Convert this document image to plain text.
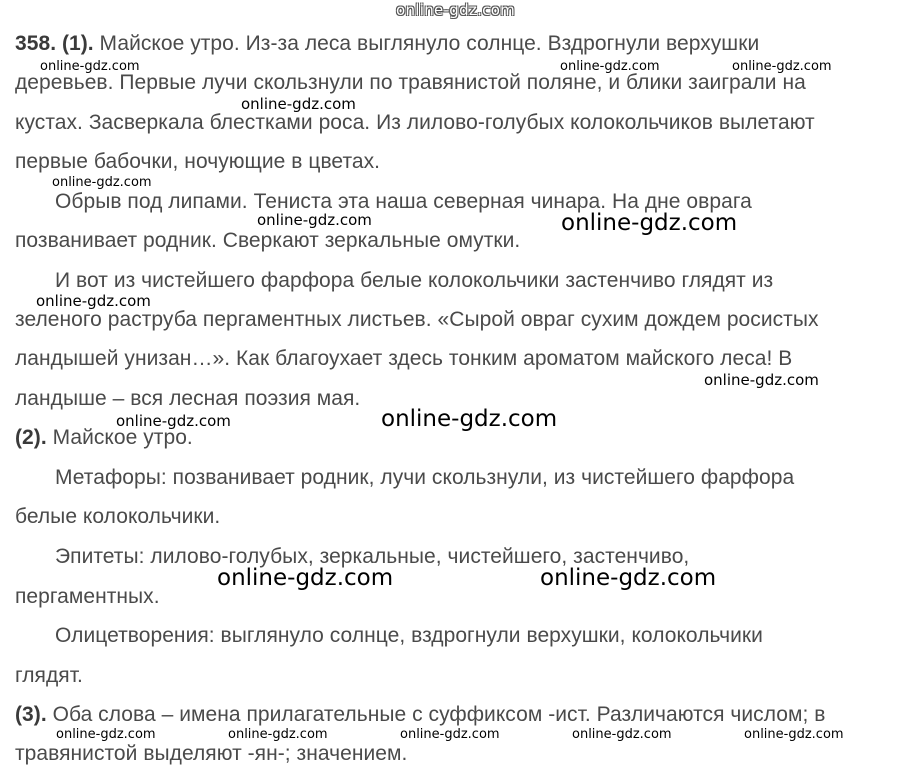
358. (1). Майское утро. Из-за леса выглянуло солнце. Вздрогнули верхушки
деревьев. Первые лучи скользнули по травянистой поляне, и блики заиграли на
кустах. Засверкала блестками роса. Из лилово-голубых колокольчиков вылетают
первые бабочки, ночующие в цветах.
Обрыв под липами. Тениста эта наша северная чинара. На дне оврага
позванивает родник. Сверкают зеркальные омутки.
И вот из чистейшего фарфора белые колокольчики застенчиво глядят из
зеленого раструба пергаментных листьев. «Сырой овраг сухим дождем росистых
ландышей унизан…». Как благоухает здесь тонким ароматом майского леса! В
ландыше – вся лесная поэзия мая.
(2). Майское утро.
Метафоры: позванивает родник, лучи скользнули, из чистейшего фарфора
белые колокольчики.
Эпитеты: лилово-голубых, зеркальные, чистейшего, застенчиво,
пергаментных.
Олицетворения: выглянуло солнце, вздрогнули верхушки, колокольчики
глядят.
(3). Оба слова – имена прилагательные с суффиксом -ист. Различаются числом; в
травянистой выделяют -ян-; значением.
online-gdz.com
online-gdz.com	online-gdz.com	online-gdz.com
online-gdz.com
online-gdz.com
online-gdz.com	online-gdz.com
online-gdz.com
online-gdz.com
online-gdz.com	online-gdz.com
online-gdz.com	online-gdz.com
online-gdz.com	online-gdz.com	online-gdz.com	online-gdz.com	online-gdz.com
